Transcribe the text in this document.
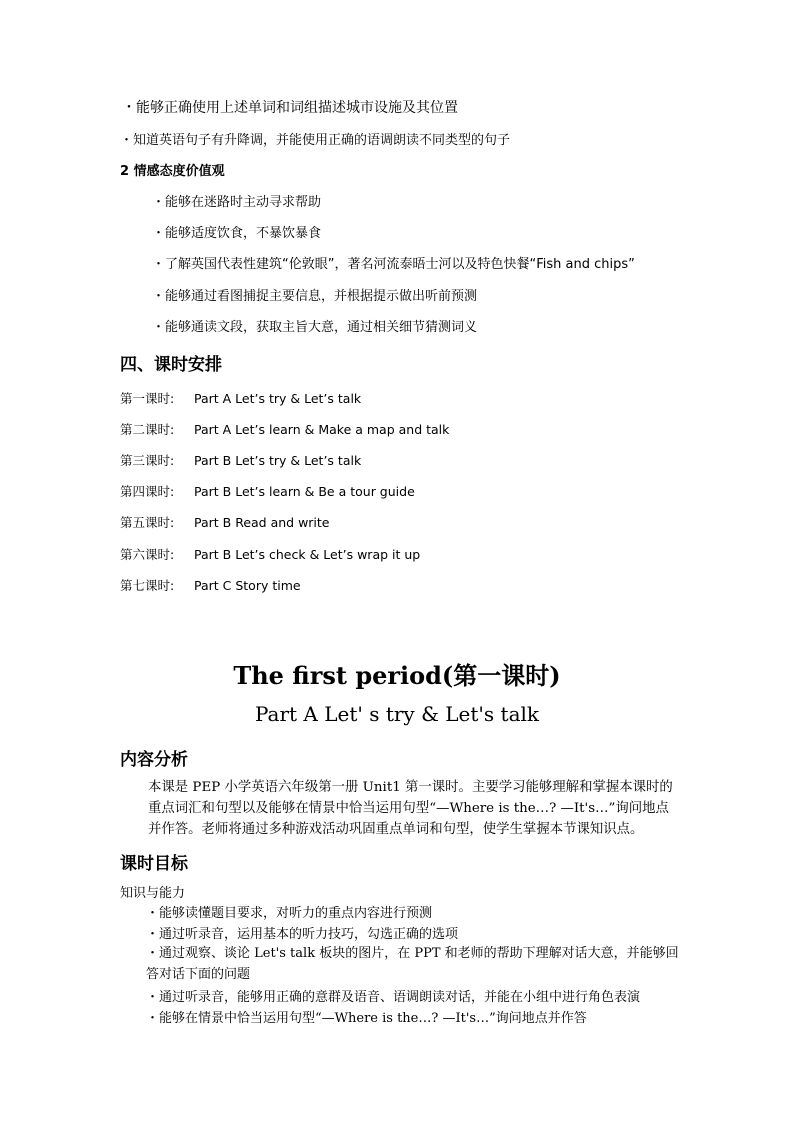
・能够正确使用上述单词和词组描述城市设施及其位置
・知道英语句子有升降调，并能使用正确的语调朗读不同类型的句子
2 情感态度价值观
・能够在迷路时主动寻求帮助
・能够适度饮食，不暴饮暴食
・了解英国代表性建筑“伦敦眼”，著名河流泰晤士河以及特色快餐“Fish and chips”
・能够通过看图捕捉主要信息，并根据提示做出听前预测
・能够通读文段，获取主旨大意，通过相关细节猜测词义
四、课时安排
第一课时: Part A Let’s try & Let’s talk
第二课时: Part A Let’s learn & Make a map and talk
第三课时: Part B Let’s try & Let’s talk
第四课时: Part B Let’s learn & Be a tour guide
第五课时: Part B Read and write
第六课时: Part B Let’s check & Let’s wrap it up
第七课时: Part C Story time
The first period(第一课时)
Part A Let' s try & Let's talk
内容分析
本课是 PEP 小学英语六年级第一册 Unit1 第一课时。主要学习能够理解和掌握本课时的重点词汇和句型以及能够在情景中恰当运用句型“—Where is the…? —It's…”询问地点并作答。老师将通过多种游戏活动巩固重点单词和句型，使学生掌握本节课知识点。
课时目标
知识与能力
・能够读懂题目要求，对听力的重点内容进行预测
・通过听录音，运用基本的听力技巧，勾选正确的选项
・通过观察、谈论 Let's talk 板块的图片，在 PPT 和老师的帮助下理解对话大意，并能够回答对话下面的问题
・通过听录音，能够用正确的意群及语音、语调朗读对话，并能在小组中进行角色表演
・能够在情景中恰当运用句型“—Where is the…? —It's…”询问地点并作答
